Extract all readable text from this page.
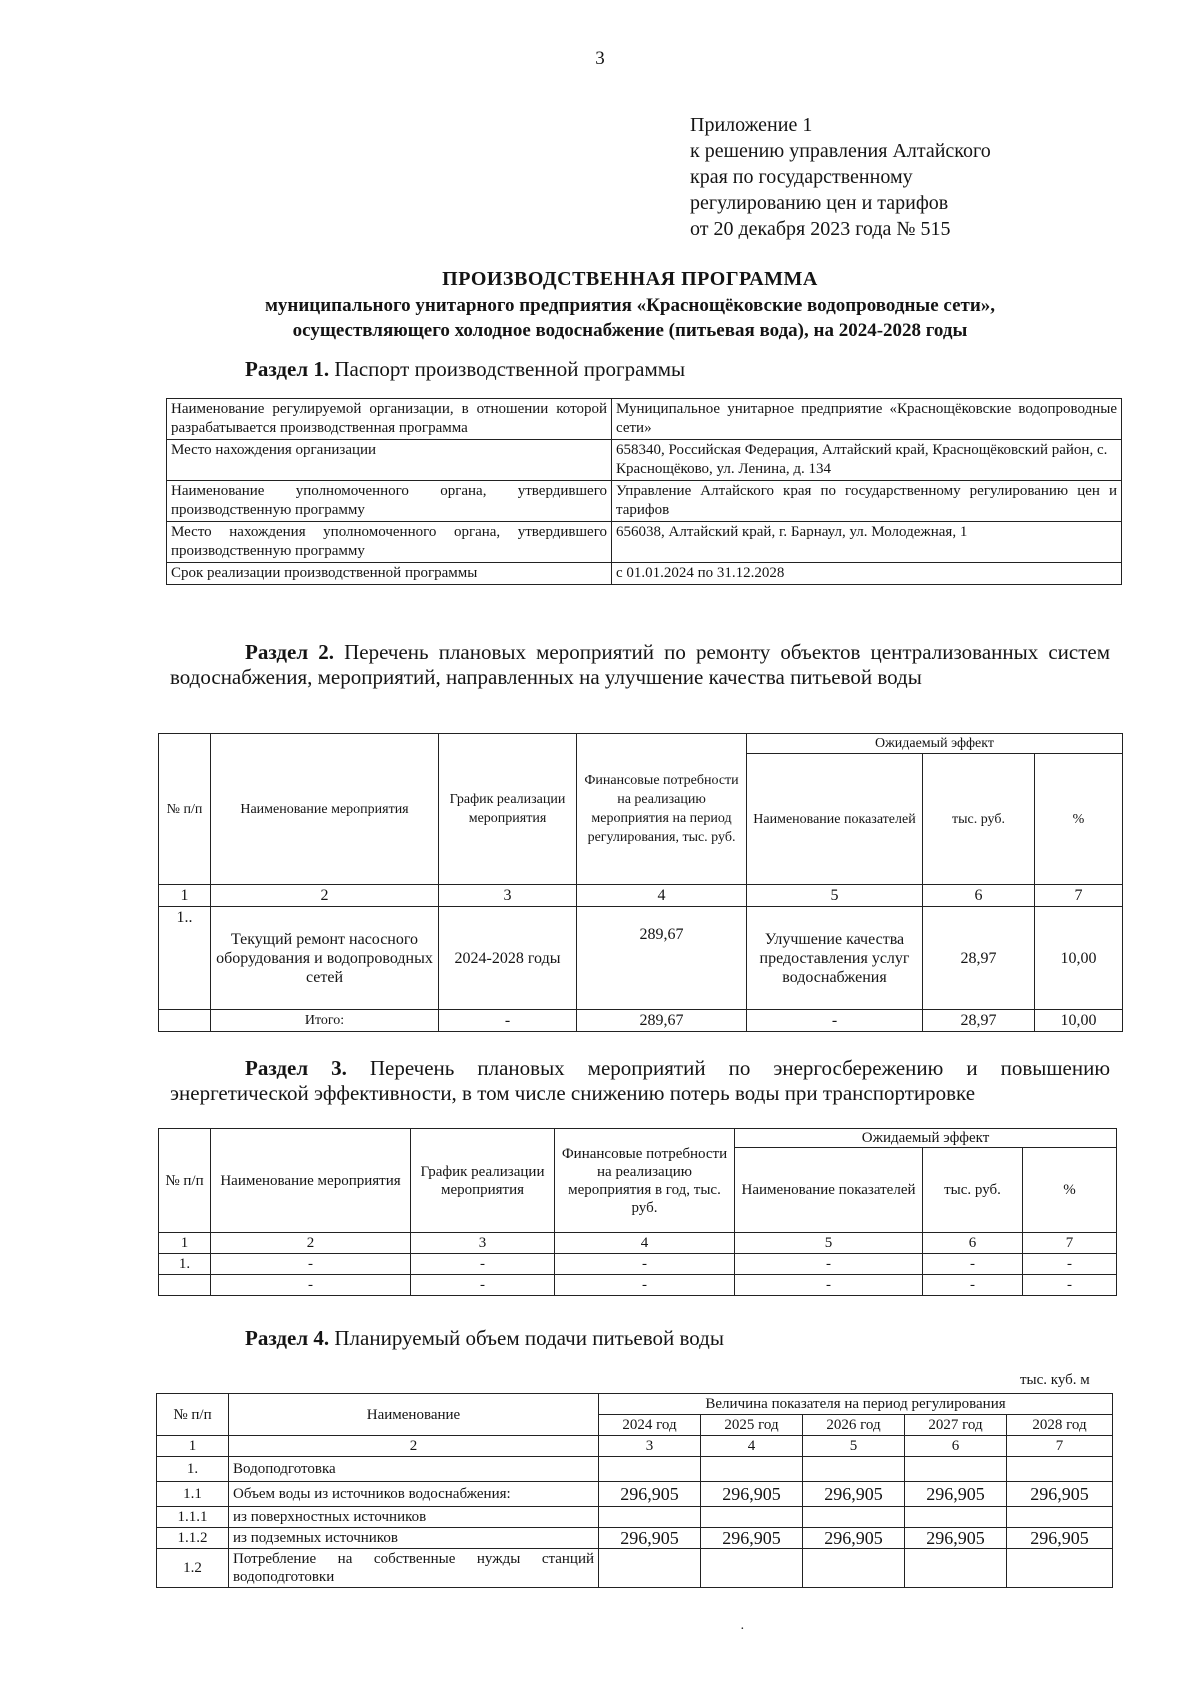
3
Приложение 1
к решению управления Алтайского
края по государственному
регулированию цен и тарифов
от 20 декабря 2023 года № 515
ПРОИЗВОДСТВЕННАЯ ПРОГРАММА
муниципального унитарного предприятия «Краснощёковские водопроводные сети»,
осуществляющего холодное водоснабжение (питьевая вода), на 2024-2028 годы
Раздел 1. Паспорт производственной программы
Наименование регулируемой организации, в отношении которой разрабатывается производственная программа	Муниципальное унитарное предприятие «Краснощёковские водопроводные сети»
Место нахождения организации	658340, Российская Федерация, Алтайский край, Краснощёковский район, с. Краснощёково, ул. Ленина, д. 134
Наименование уполномоченного органа, утвердившего производственную программу	Управление Алтайского края по государственному регулированию цен и тарифов
Место нахождения уполномоченного органа, утвердившего производственную программу	656038, Алтайский край, г. Барнаул, ул. Молодежная, 1
Срок реализации производственной программы	с 01.01.2024 по 31.12.2028
Раздел 2. Перечень плановых мероприятий по ремонту объектов централизованных систем водоснабжения, мероприятий, направленных на улучшение качества питьевой воды
№ п/п	Наименование мероприятия	График реализации мероприятия	Финансовые потребности на реализацию мероприятия на период регулирования, тыс. руб.	Ожидаемый эффект		
				Наименование показателей	тыс. руб.	%
1	2	3	4	5	6	7
1..	Текущий ремонт насосного оборудования и водопроводных сетей	2024-2028 годы	289,67	Улучшение качества предоставления услуг водоснабжения	28,97	10,00
	Итого:	-	289,67	-	28,97	10,00
Раздел 3. Перечень плановых мероприятий по энергосбережению и повышению энергетической эффективности, в том числе снижению потерь воды при транспортировке
№ п/п	Наименование мероприятия	График реализации мероприятия	Финансовые потребности на реализацию мероприятия в год, тыс. руб.	Ожидаемый эффект		
				Наименование показателей	тыс. руб.	%
1	2	3	4	5	6	7
1.	-	-	-	-	-	-
	-	-	-	-	-	-
Раздел 4. Планируемый объем подачи питьевой воды
тыс. куб. м
№ п/п	Наименование	Величина показателя на период регулирования				
		2024 год	2025 год	2026 год	2027 год	2028 год
1	2	3	4	5	6	7
1.	Водоподготовка					
1.1	Объем воды из источников водоснабжения:	296,905	296,905	296,905	296,905	296,905
1.1.1	из поверхностных источников					
1.1.2	из подземных источников	296,905	296,905	296,905	296,905	296,905
1.2	Потребление на собственные нужды станций водоподготовки					
·
